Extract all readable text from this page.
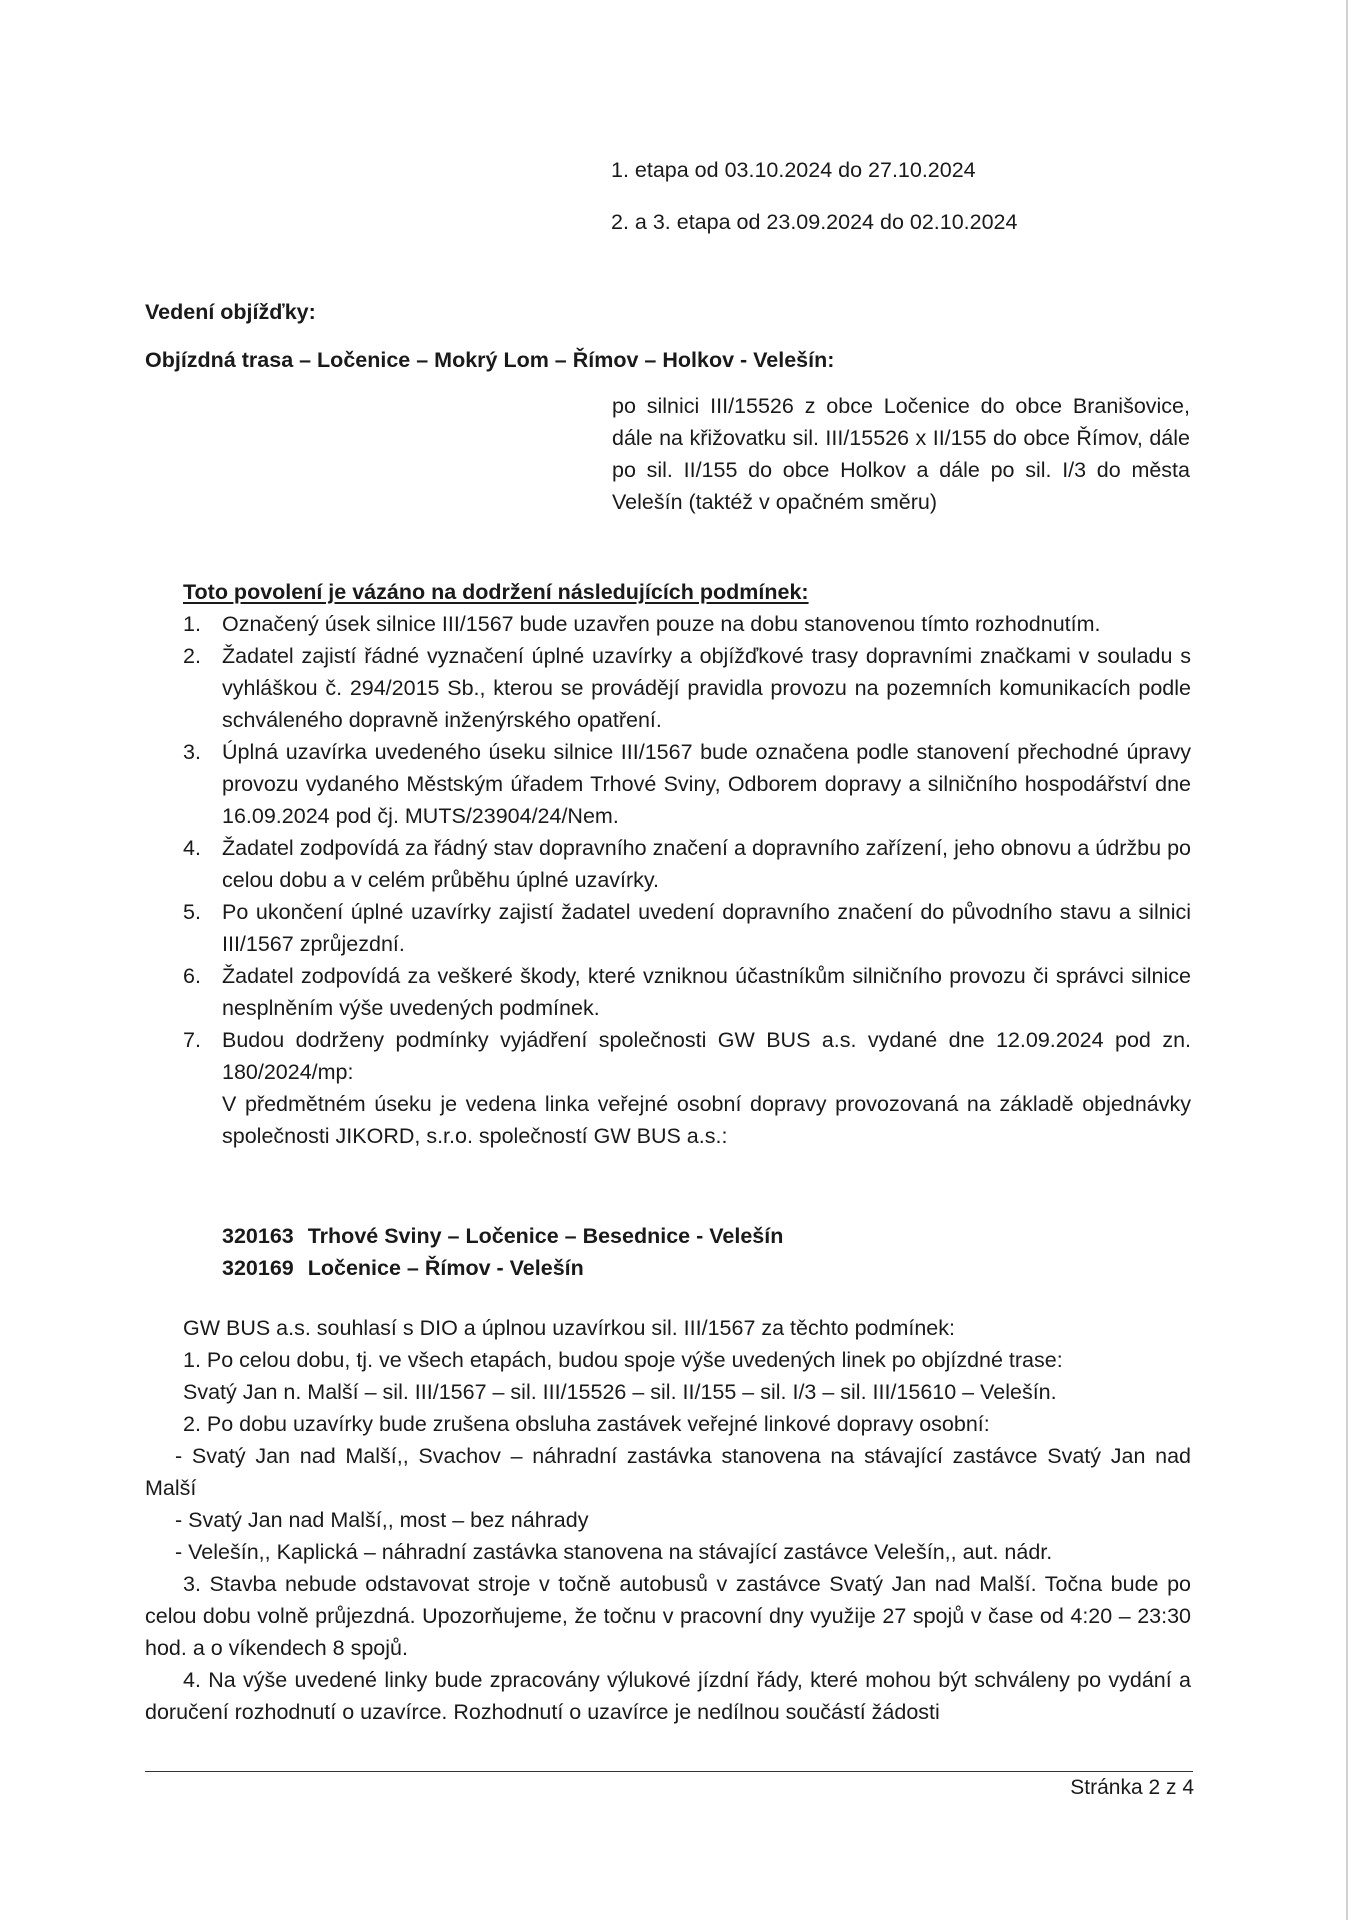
1. etapa od 03.10.2024 do 27.10.2024

2. a 3. etapa od 23.09.2024 do 02.10.2024

Vedení objížďky:

Objízdná trasa – Ločenice – Mokrý Lom – Římov – Holkov - Velešín:

po silnici III/15526 z obce Ločenice do obce Branišovice, dále na křižovatku sil. III/15526 x II/155 do obce Římov, dále po sil. II/155 do obce Holkov a dále po sil. I/3 do města Velešín (taktéž v opačném směru)

Toto povolení je vázáno na dodržení následujících podmínek:

1. Označený úsek silnice III/1567 bude uzavřen pouze na dobu stanovenou tímto rozhodnutím.
2. Žadatel zajistí řádné vyznačení úplné uzavírky a objížďkové trasy dopravními značkami v souladu s vyhláškou č. 294/2015 Sb., kterou se provádějí pravidla provozu na pozemních komunikacích podle schváleného dopravně inženýrského opatření.
3. Úplná uzavírka uvedeného úseku silnice III/1567 bude označena podle stanovení přechodné úpravy provozu vydaného Městským úřadem Trhové Sviny, Odborem dopravy a silničního hospodářství dne 16.09.2024 pod čj. MUTS/23904/24/Nem.
4. Žadatel zodpovídá za řádný stav dopravního značení a dopravního zařízení, jeho obnovu a údržbu po celou dobu a v celém průběhu úplné uzavírky.
5. Po ukončení úplné uzavírky zajistí žadatel uvedení dopravního značení do původního stavu a silnici III/1567 zprůjezdní.
6. Žadatel zodpovídá za veškeré škody, které vzniknou účastníkům silničního provozu či správci silnice nesplněním výše uvedených podmínek.
7. Budou dodrženy podmínky vyjádření společnosti GW BUS a.s. vydané dne 12.09.2024 pod zn. 180/2024/mp:

V předmětném úseku je vedena linka veřejné osobní dopravy provozovaná na základě objednávky společnosti JIKORD, s.r.o. společností GW BUS a.s.:

320163 Trhové Sviny – Ločenice – Besednice - Velešín
320169 Ločenice – Římov - Velešín

GW BUS a.s. souhlasí s DIO a úplnou uzavírkou sil. III/1567 za těchto podmínek:

1. Po celou dobu, tj. ve všech etapách, budou spoje výše uvedených linek po objízdné trase:

Svatý Jan n. Malší – sil. III/1567 – sil. III/15526 – sil. II/155 – sil. I/3 – sil. III/15610 – Velešín.

2. Po dobu uzavírky bude zrušena obsluha zastávek veřejné linkové dopravy osobní:

- Svatý Jan nad Malší,, Svachov – náhradní zastávka stanovena na stávající zastávce Svatý Jan nad Malší

- Svatý Jan nad Malší,, most – bez náhrady

- Velešín,, Kaplická – náhradní zastávka stanovena na stávající zastávce Velešín,, aut. nádr.

3. Stavba nebude odstavovat stroje v točně autobusů v zastávce Svatý Jan nad Malší. Točna bude po celou dobu volně průjezdná. Upozorňujeme, že točnu v pracovní dny využije 27 spojů v čase od 4:20 – 23:30 hod. a o víkendech 8 spojů.

4. Na výše uvedené linky bude zpracovány výlukové jízdní řády, které mohou být schváleny po vydání a doručení rozhodnutí o uzavírce. Rozhodnutí o uzavírce je nedílnou součástí žádosti

Stránka 2 z 4
